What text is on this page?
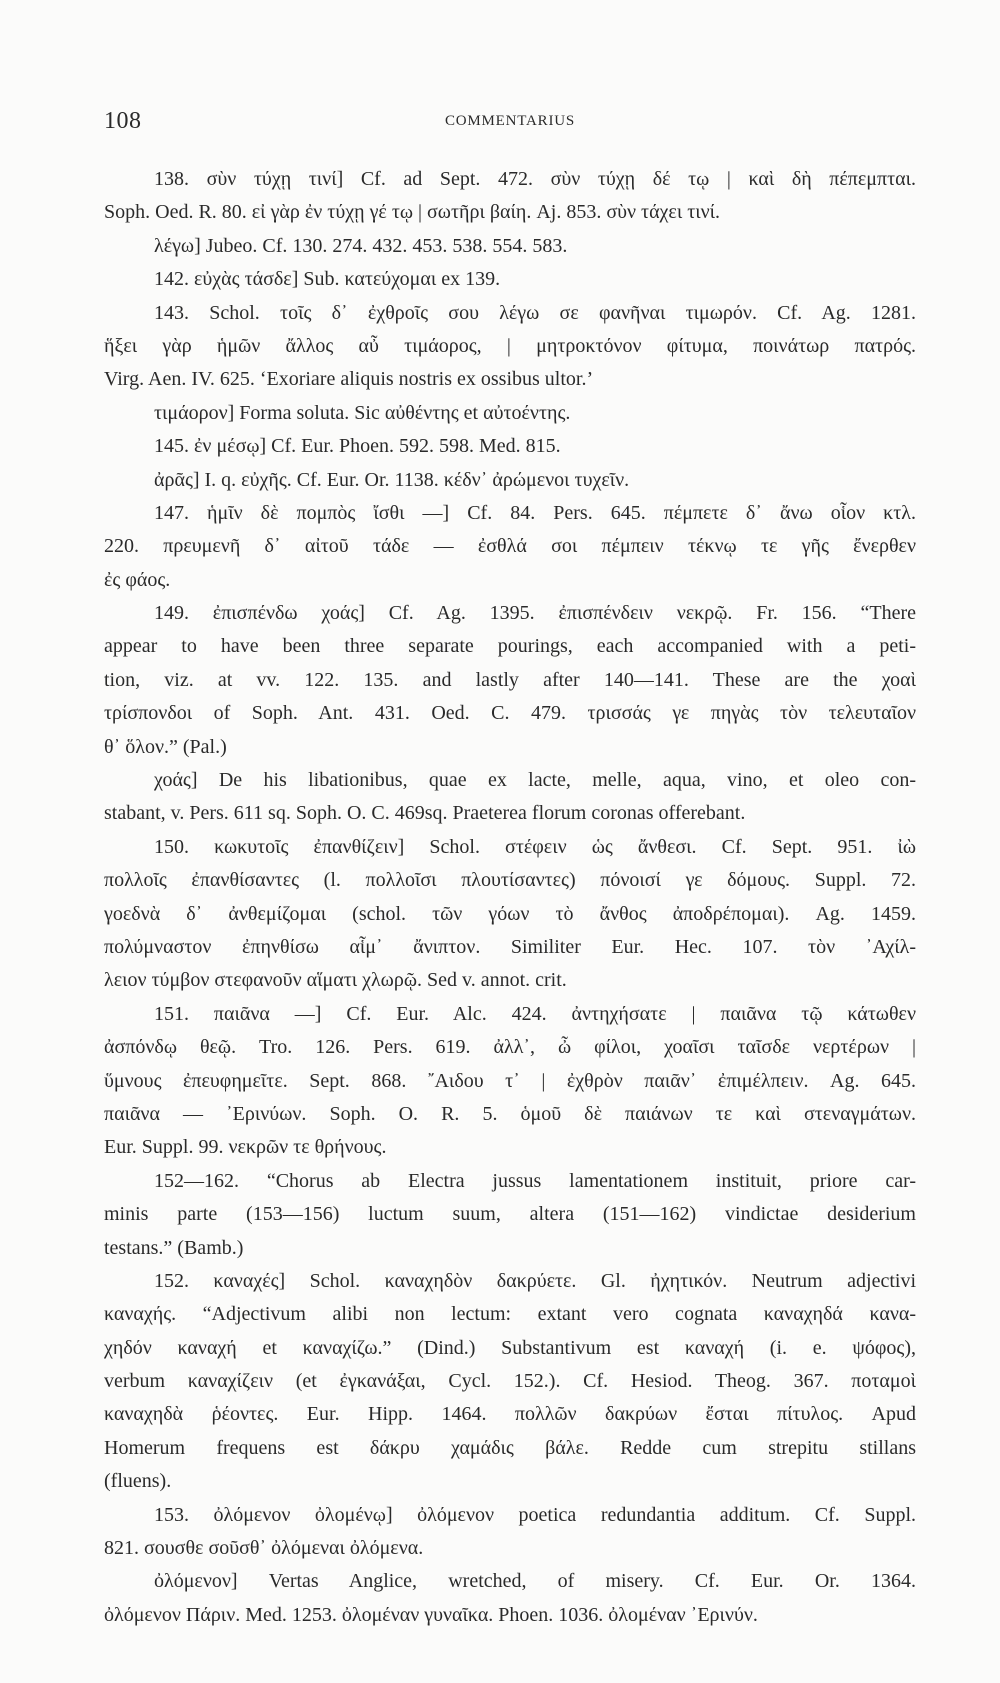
108	COMMENTARIUS
138. σὺν τύχῃ τινί] Cf. ad Sept. 472. σὺν τύχῃ δέ τῳ | καὶ δὴ πέπεμπται.
Soph. Oed. R. 80. εἰ γὰρ ἐν τύχῃ γέ τῳ | σωτῆρι βαίη. Aj. 853. σὺν τάχει τινί.
λέγω] Jubeo. Cf. 130. 274. 432. 453. 538. 554. 583.
142. εὐχὰς τάσδε] Sub. κατεύχομαι ex 139.
143. Schol. τοῖς δ᾽ ἐχθροῖς σου λέγω σε φανῆναι τιμωρόν. Cf. Ag. 1281.
ἥξει γὰρ ἡμῶν ἄλλος αὖ τιμάορος, | μητροκτόνον φίτυμα, ποινάτωρ πατρός.
Virg. Aen. IV. 625. ‘Exoriare aliquis nostris ex ossibus ultor.’
τιμάορον] Forma soluta. Sic αὐθέντης et αὐτοέντης.
145. ἐν μέσῳ] Cf. Eur. Phoen. 592. 598. Med. 815.
ἀρᾶς] I. q. εὐχῆς. Cf. Eur. Or. 1138. κέδν᾽ ἀρώμενοι τυχεῖν.
147. ἡμῖν δὲ πομπὸς ἴσθι —] Cf. 84. Pers. 645. πέμπετε δ᾽ ἄνω οἷον κτλ.
220. πρευμενῆ δ᾽ αἰτοῦ τάδε — ἐσθλά σοι πέμπειν τέκνῳ τε γῆς ἔνερθεν
ἐς φάος.
149. ἐπισπένδω χοάς] Cf. Ag. 1395. ἐπισπένδειν νεκρῷ. Fr. 156. “There
appear to have been three separate pourings, each accompanied with a peti-
tion, viz. at vv. 122. 135. and lastly after 140—141. These are the χοαὶ
τρίσπονδοι of Soph. Ant. 431. Oed. C. 479. τρισσάς γε πηγὰς τὸν τελευταῖον
θ᾽ ὅλον.” (Pal.)
χοάς] De his libationibus, quae ex lacte, melle, aqua, vino, et oleo con-
stabant, v. Pers. 611 sq. Soph. O. C. 469sq. Praeterea florum coronas offerebant.
150. κωκυτοῖς ἐπανθίζειν] Schol. στέφειν ὡς ἄνθεσι. Cf. Sept. 951. ἰὼ
πολλοῖς ἐπανθίσαντες (l. πολλοῖσι πλουτίσαντες) πόνοισί γε δόμους. Suppl. 72.
γοεδνὰ δ᾽ ἀνθεμίζομαι (schol. τῶν γόων τὸ ἄνθος ἀποδρέπομαι). Ag. 1459.
πολύμναστον ἐπηνθίσω αἷμ᾽ ἄνιπτον. Similiter Eur. Hec. 107. τὸν ᾽Αχίλ-
λειον τύμβον στεφανοῦν αἵματι χλωρῷ. Sed v. annot. crit.
151. παιᾶνα —] Cf. Eur. Alc. 424. ἀντηχήσατε | παιᾶνα τῷ κάτωθεν
ἀσπόνδῳ θεῷ. Tro. 126. Pers. 619. ἀλλ᾽, ὦ φίλοι, χοαῖσι ταῖσδε νερτέρων |
ὕμνους ἐπευφημεῖτε. Sept. 868. ῎Αιδου τ᾽ | ἐχθρὸν παιᾶν᾽ ἐπιμέλπειν. Ag. 645.
παιᾶνα — ᾽Ερινύων. Soph. O. R. 5. ὁμοῦ δὲ παιάνων τε καὶ στεναγμάτων.
Eur. Suppl. 99. νεκρῶν τε θρήνους.
152—162. “Chorus ab Electra jussus lamentationem instituit, priore car-
minis parte (153—156) luctum suum, altera (151—162) vindictae desiderium
testans.” (Bamb.)
152. καναχές] Schol. καναχηδὸν δακρύετε. Gl. ἠχητικόν. Neutrum adjectivi
καναχής. “Adjectivum alibi non lectum: extant vero cognata καναχηδά κανα-
χηδόν καναχή et καναχίζω.” (Dind.) Substantivum est καναχή (i. e. ψόφος),
verbum καναχίζειν (et ἐγκανάξαι, Cycl. 152.). Cf. Hesiod. Theog. 367. ποταμοὶ
καναχηδὰ ῥέοντες. Eur. Hipp. 1464. πολλῶν δακρύων ἔσται πίτυλος. Apud
Homerum frequens est δάκρυ χαμάδις βάλε. Redde cum strepitu stillans
(fluens).
153. ὀλόμενον ὀλομένῳ] ὀλόμενον poetica redundantia additum. Cf. Suppl.
821. σουσθε σοῦσθ᾽ ὀλόμεναι ὀλόμενα.
ὀλόμενον] Vertas Anglice, wretched, of misery. Cf. Eur. Or. 1364.
ὀλόμενον Πάριν. Med. 1253. ὀλομέναν γυναῖκα. Phoen. 1036. ὀλομέναν ᾽Ερινύν.
